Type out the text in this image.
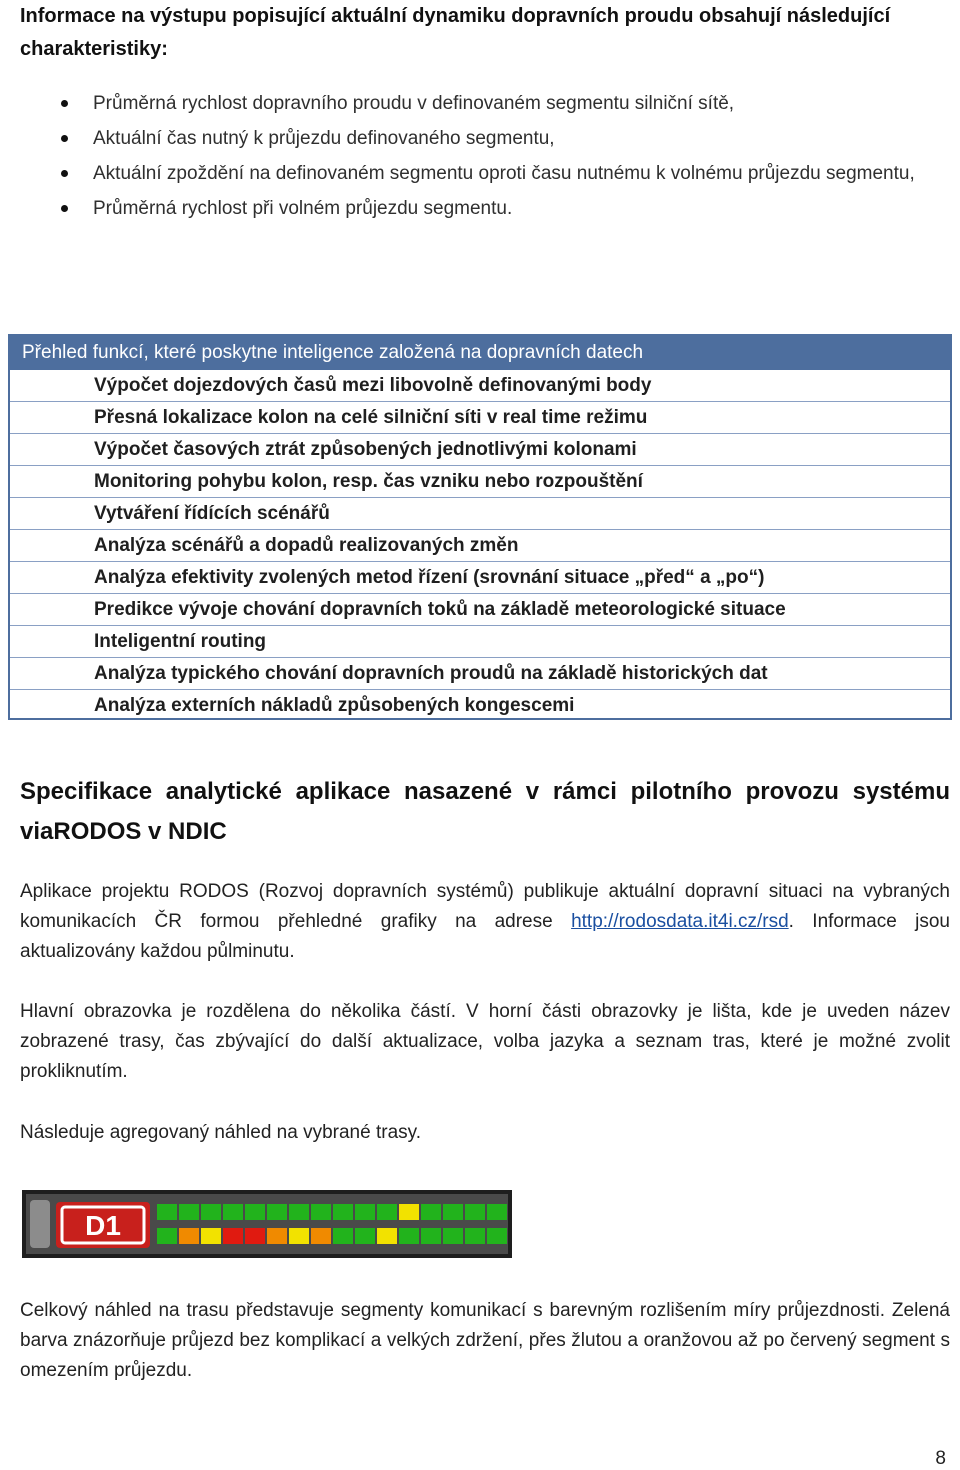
Informace na výstupu popisující aktuální dynamiku dopravních proudu obsahují následující charakteristiky:
Průměrná rychlost dopravního proudu v definovaném segmentu silniční sítě,
Aktuální čas nutný k průjezdu definovaného segmentu,
Aktuální zpoždění na definovaném segmentu oproti času nutnému k volnému průjezdu segmentu,
Průměrná rychlost při volném průjezdu segmentu.
Přehled funkcí, které poskytne inteligence založená na dopravních datech
Výpočet dojezdových časů mezi libovolně definovanými body
Přesná lokalizace kolon na celé silniční síti v real time režimu
Výpočet časových ztrát způsobených jednotlivými kolonami
Monitoring pohybu kolon, resp. čas vzniku nebo rozpouštění
Vytváření řídících scénářů
Analýza scénářů a dopadů realizovaných změn
Analýza efektivity zvolených metod řízení (srovnání situace „před“ a „po“)
Predikce vývoje chování dopravních toků na základě meteorologické situace
Inteligentní routing
Analýza typického chování dopravních proudů na základě historických dat
Analýza externích nákladů způsobených kongescemi
Specifikace analytické aplikace nasazené v rámci pilotního provozu systému viaRODOS v NDIC

Aplikace projektu RODOS (Rozvoj dopravních systémů) publikuje aktuální dopravní situaci na vybraných komunikacích ČR formou přehledné grafiky na adrese http://rodosdata.it4i.cz/rsd. Informace jsou aktualizovány každou půlminutu.

Hlavní obrazovka je rozdělena do několika částí. V horní části obrazovky je lišta, kde je uveden název zobrazené trasy, čas zbývající do další aktualizace, volba jazyka a seznam tras, které je možné zvolit prokliknutím.

Následuje agregovaný náhled na vybrané trasy.

D1

Celkový náhled na trasu představuje segmenty komunikací s barevným rozlišením míry průjezdnosti. Zelená barva znázorňuje průjezd bez komplikací a velkých zdržení, přes žlutou a oranžovou až po červený segment s omezením průjezdu.

8
